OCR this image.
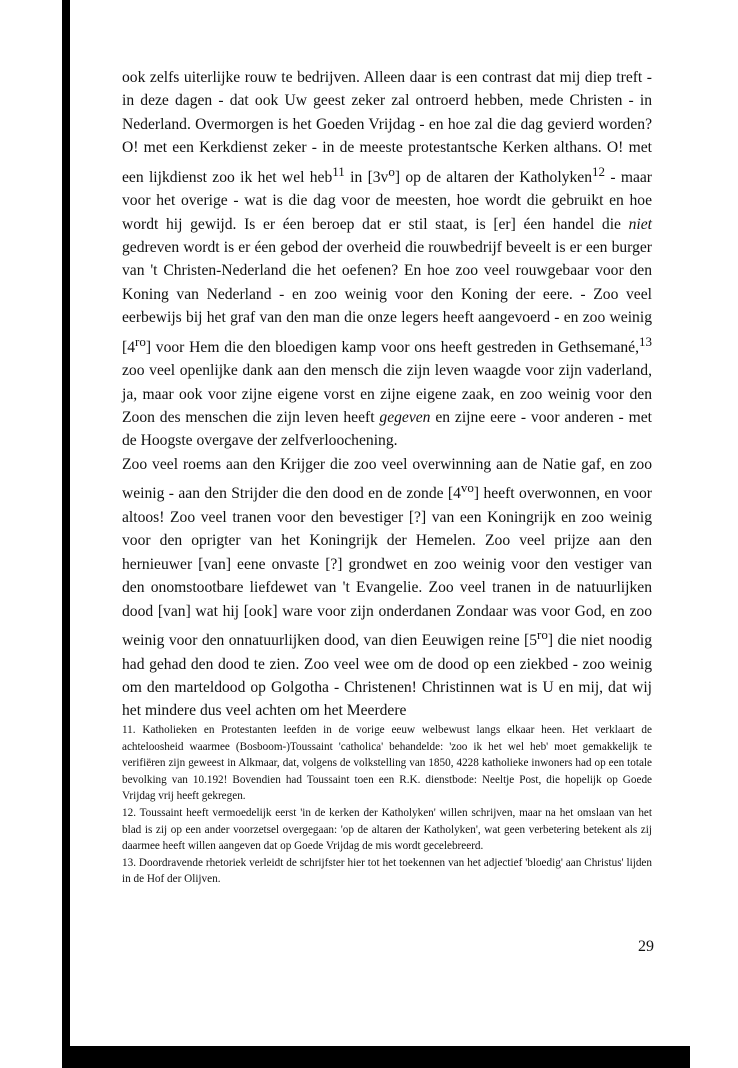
ook zelfs uiterlijke rouw te bedrijven. Alleen daar is een contrast dat mij diep treft - in deze dagen - dat ook Uw geest zeker zal ontroerd hebben, mede Christen - in Nederland. Overmorgen is het Goeden Vrijdag - en hoe zal die dag gevierd worden? O! met een Kerkdienst zeker - in de meeste protestantsche Kerken althans. O! met een lijkdienst zoo ik het wel heb$^{11}$ in $[3v^o]$ op de altaren der Katholyken$^{12}$ - maar voor het overige - wat is die dag voor de meesten, hoe wordt die gebruikt en hoe wordt hij gewijd. Is er éen beroep dat er stil staat, is [er] éen handel die niet gedreven wordt is er éen gebod der overheid die rouwbedrijf beveelt is er een burger van 't Christen-Nederland die het oefenen? En hoe zoo veel rouwgebaar voor den Koning van Nederland - en zoo weinig voor den Koning der eere. - Zoo veel eerbewijs bij het graf van den man die onze legers heeft aangevoerd - en zoo weinig $[4^{ro}]$ voor Hem die den bloedigen kamp voor ons heeft gestreden in Gethsemané,$^{13}$ zoo veel openlijke dank aan den mensch die zijn leven waagde voor zijn vaderland, ja, maar ook voor zijne eigene vorst en zijne eigene zaak, en zoo weinig voor den Zoon des menschen die zijn leven heeft gegeven en zijne eere - voor anderen - met de Hoogste overgave der zelfverloochening.

Zoo veel roems aan den Krijger die zoo veel overwinning aan de Natie gaf, en zoo weinig - aan den Strijder die den dood en de zonde $[4^{vo}]$ heeft overwonnen, en voor altoos! Zoo veel tranen voor den bevestiger [?] van een Koningrijk en zoo weinig voor den oprigter van het Koningrijk der Hemelen. Zoo veel prijze aan den hernieuwer [van] eene onvaste [?] grondwet en zoo weinig voor den vestiger van den onomstootbare liefdewet van 't Evangelie. Zoo veel tranen in de natuurlijken dood [van] wat hij [ook] ware voor zijn onderdanen Zondaar was voor God, en zoo weinig voor den onnatuurlijken dood, van dien Eeuwigen reine $[5^{ro}]$ die niet noodig had gehad den dood te zien. Zoo veel wee om de dood op een ziekbed - zoo weinig om den marteldood op Golgotha - Christenen! Christinnen wat is U en mij, dat wij het mindere dus veel achten om het Meerdere

11. Katholieken en Protestanten leefden in de vorige eeuw welbewust langs elkaar heen. Het verklaart de achteloosheid waarmee (Bosboom-)Toussaint 'catholica' behandelde: 'zoo ik het wel heb' moet gemakkelijk te verifiëren zijn geweest in Alkmaar, dat, volgens de volkstelling van 1850, 4228 katholieke inwoners had op een totale bevolking van 10.192! Bovendien had Toussaint toen een R.K. dienstbode: Neeltje Post, die hopelijk op Goede Vrijdag vrij heeft gekregen.

12. Toussaint heeft vermoedelijk eerst 'in de kerken der Katholyken' willen schrijven, maar na het omslaan van het blad is zij op een ander voorzetsel overgegaan: 'op de altaren der Katholyken', wat geen verbetering betekent als zij daarmee heeft willen aangeven dat op Goede Vrijdag de mis wordt gecelebreerd.

13. Doordravende rhetoriek verleidt de schrijfster hier tot het toekennen van het adjectief 'bloedig' aan Christus' lijden in de Hof der Olijven.

29
